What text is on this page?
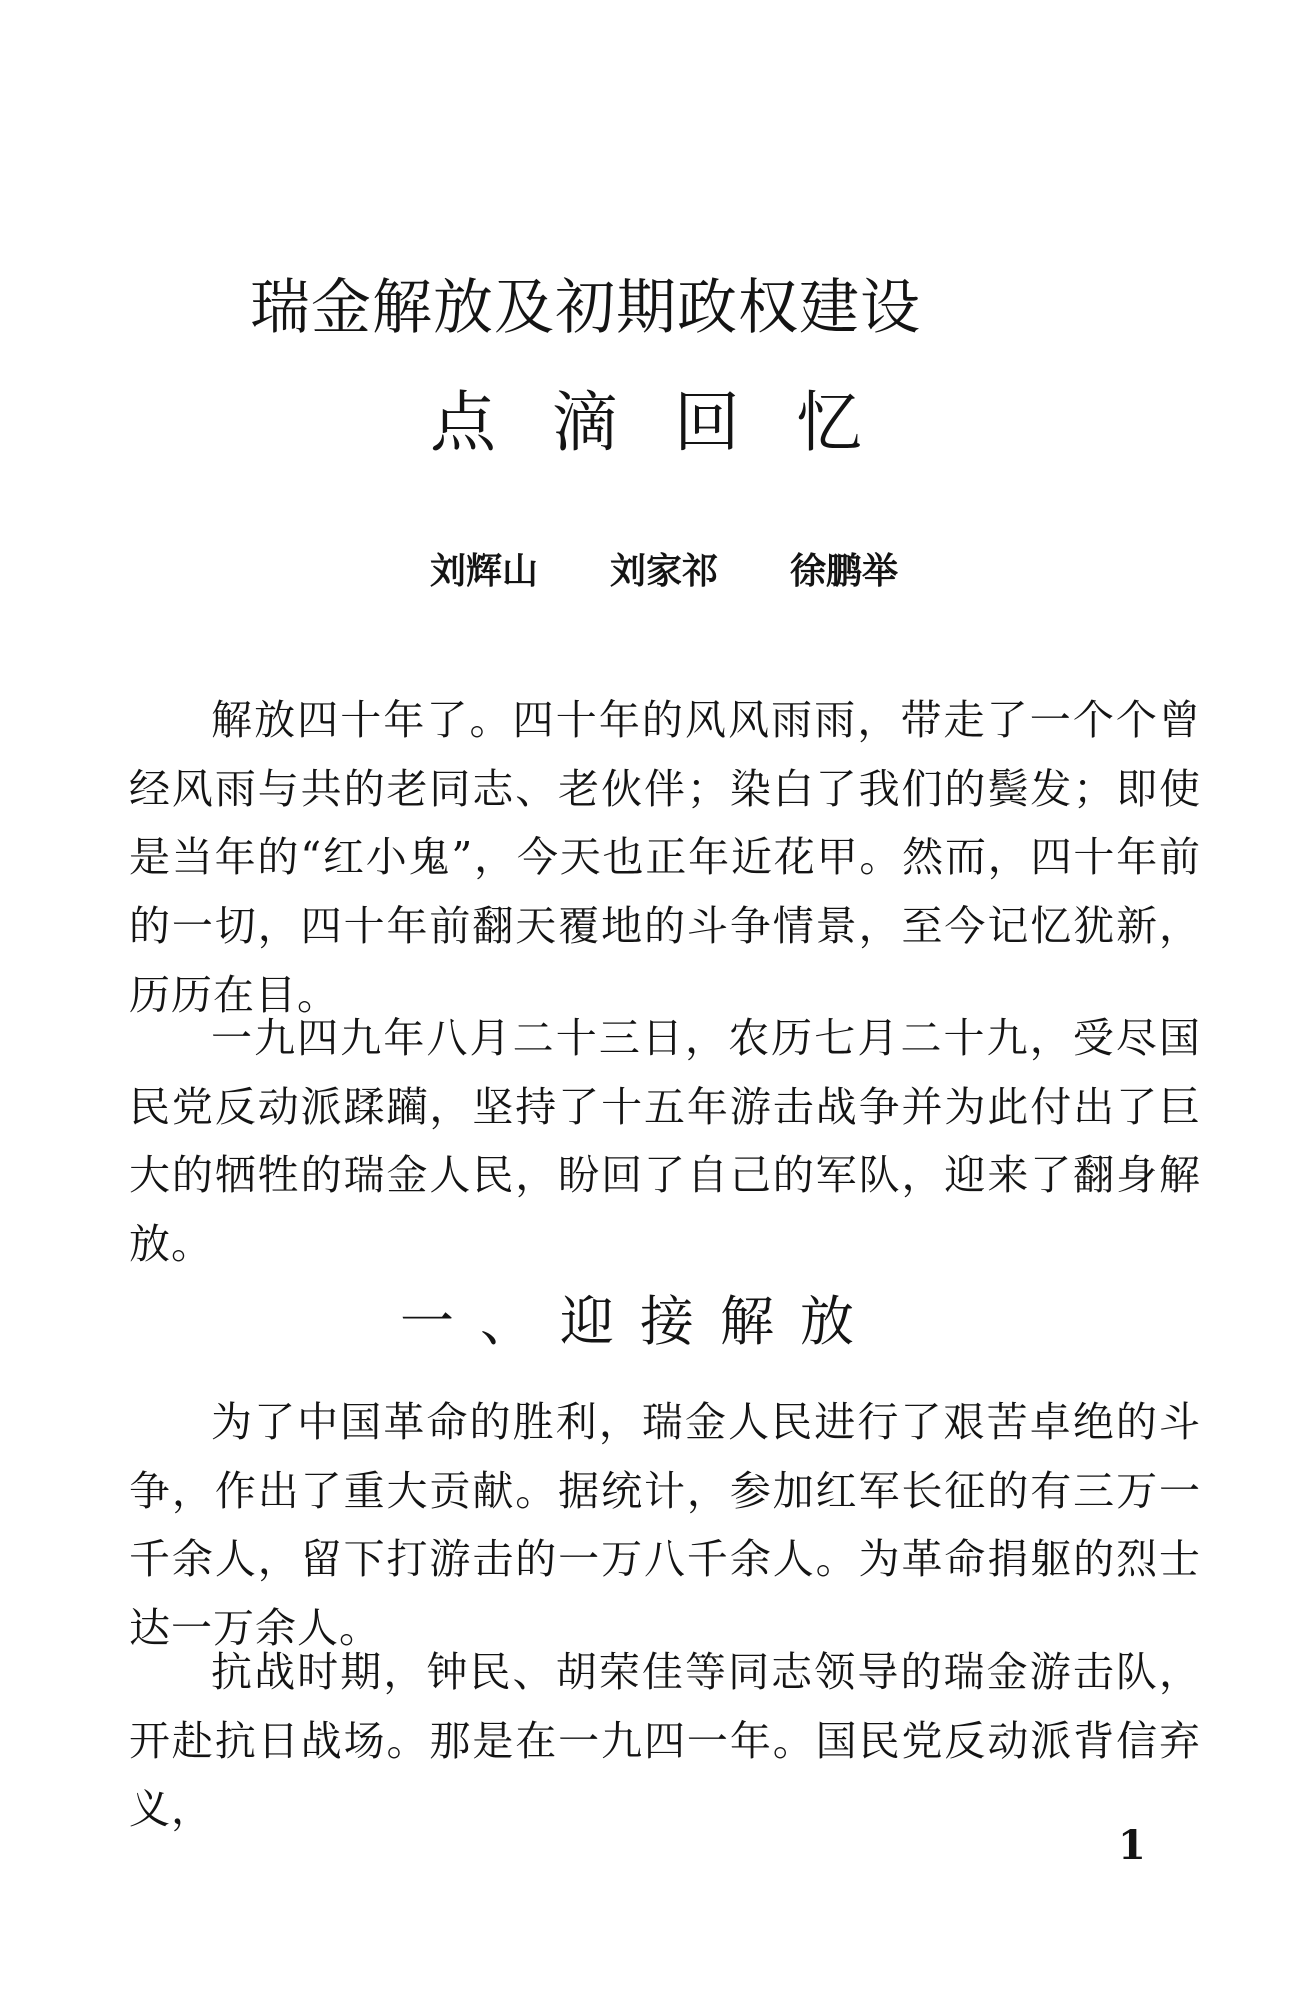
瑞金解放及初期政权建设
点滴回忆
刘辉山　　刘家祁　　徐鹏举

解放四十年了。四十年的风风雨雨，带走了一个个曾经风雨与共的老同志、老伙伴；染白了我们的鬓发；即使是当年的“红小鬼”，今天也正年近花甲。然而，四十年前的一切，四十年前翻天覆地的斗争情景，至今记忆犹新，历历在目。

一九四九年八月二十三日，农历七月二十九，受尽国民党反动派蹂躏，坚持了十五年游击战争并为此付出了巨大的牺牲的瑞金人民，盼回了自己的军队，迎来了翻身解放。

一、迎接解放

为了中国革命的胜利，瑞金人民进行了艰苦卓绝的斗争，作出了重大贡献。据统计，参加红军长征的有三万一千余人，留下打游击的一万八千余人。为革命捐躯的烈士达一万余人。

抗战时期，钟民、胡荣佳等同志领导的瑞金游击队，开赴抗日战场。那是在一九四一年。国民党反动派背信弃义，

1
